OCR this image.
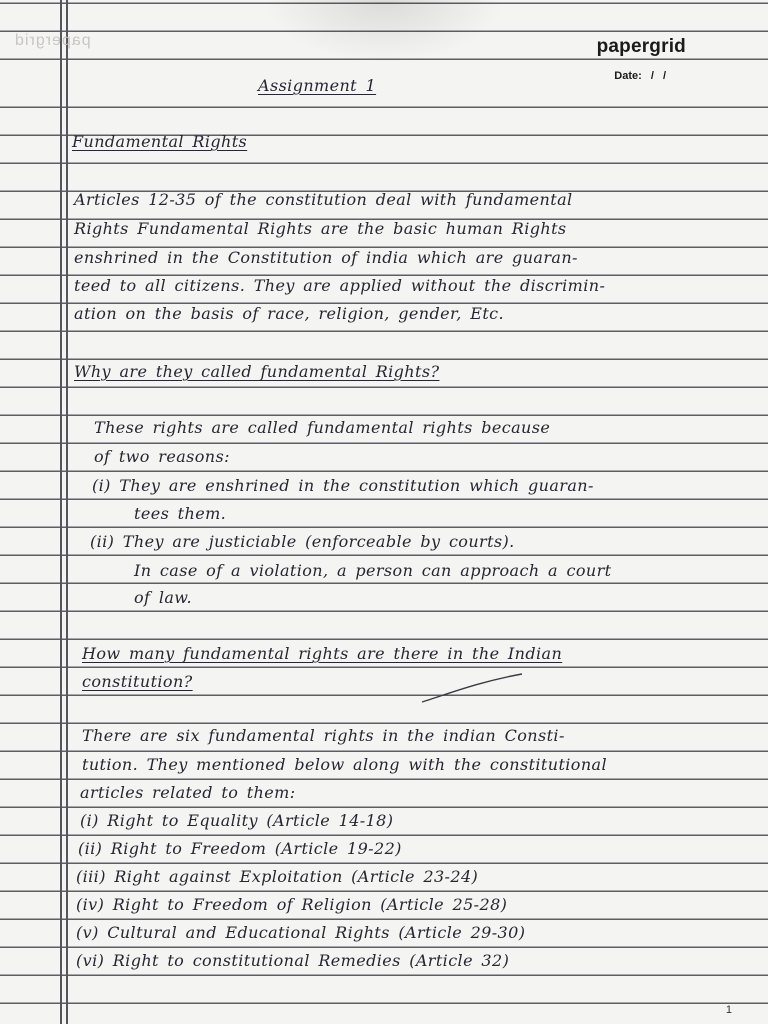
papergrid	papergrid
Date: / /
Assignment 1
Fundamental Rights
Articles 12-35 of the constitution deal with fundamental
Rights Fundamental Rights are the basic human Rights
enshrined in the Constitution of india which are guaran-
teed to all citizens. They are applied without the discrimin-
ation on the basis of race, religion, gender, Etc.
Why are they called fundamental Rights?
These rights are called fundamental rights because
of two reasons:
(i) They are enshrined in the constitution which guaran-
tees them.
(ii) They are justiciable (enforceable by courts).
In case of a violation, a person can approach a court
of law.
How many fundamental rights are there in the Indian
constitution?
There are six fundamental rights in the indian Consti-
tution. They mentioned below along with the constitutional
articles related to them:
(i) Right to Equality (Article 14-18)
(ii) Right to Freedom (Article 19-22)
(iii) Right against Exploitation (Article 23-24)
(iv) Right to Freedom of Religion (Article 25-28)
(v) Cultural and Educational Rights (Article 29-30)
(vi) Right to constitutional Remedies (Article 32)
1
